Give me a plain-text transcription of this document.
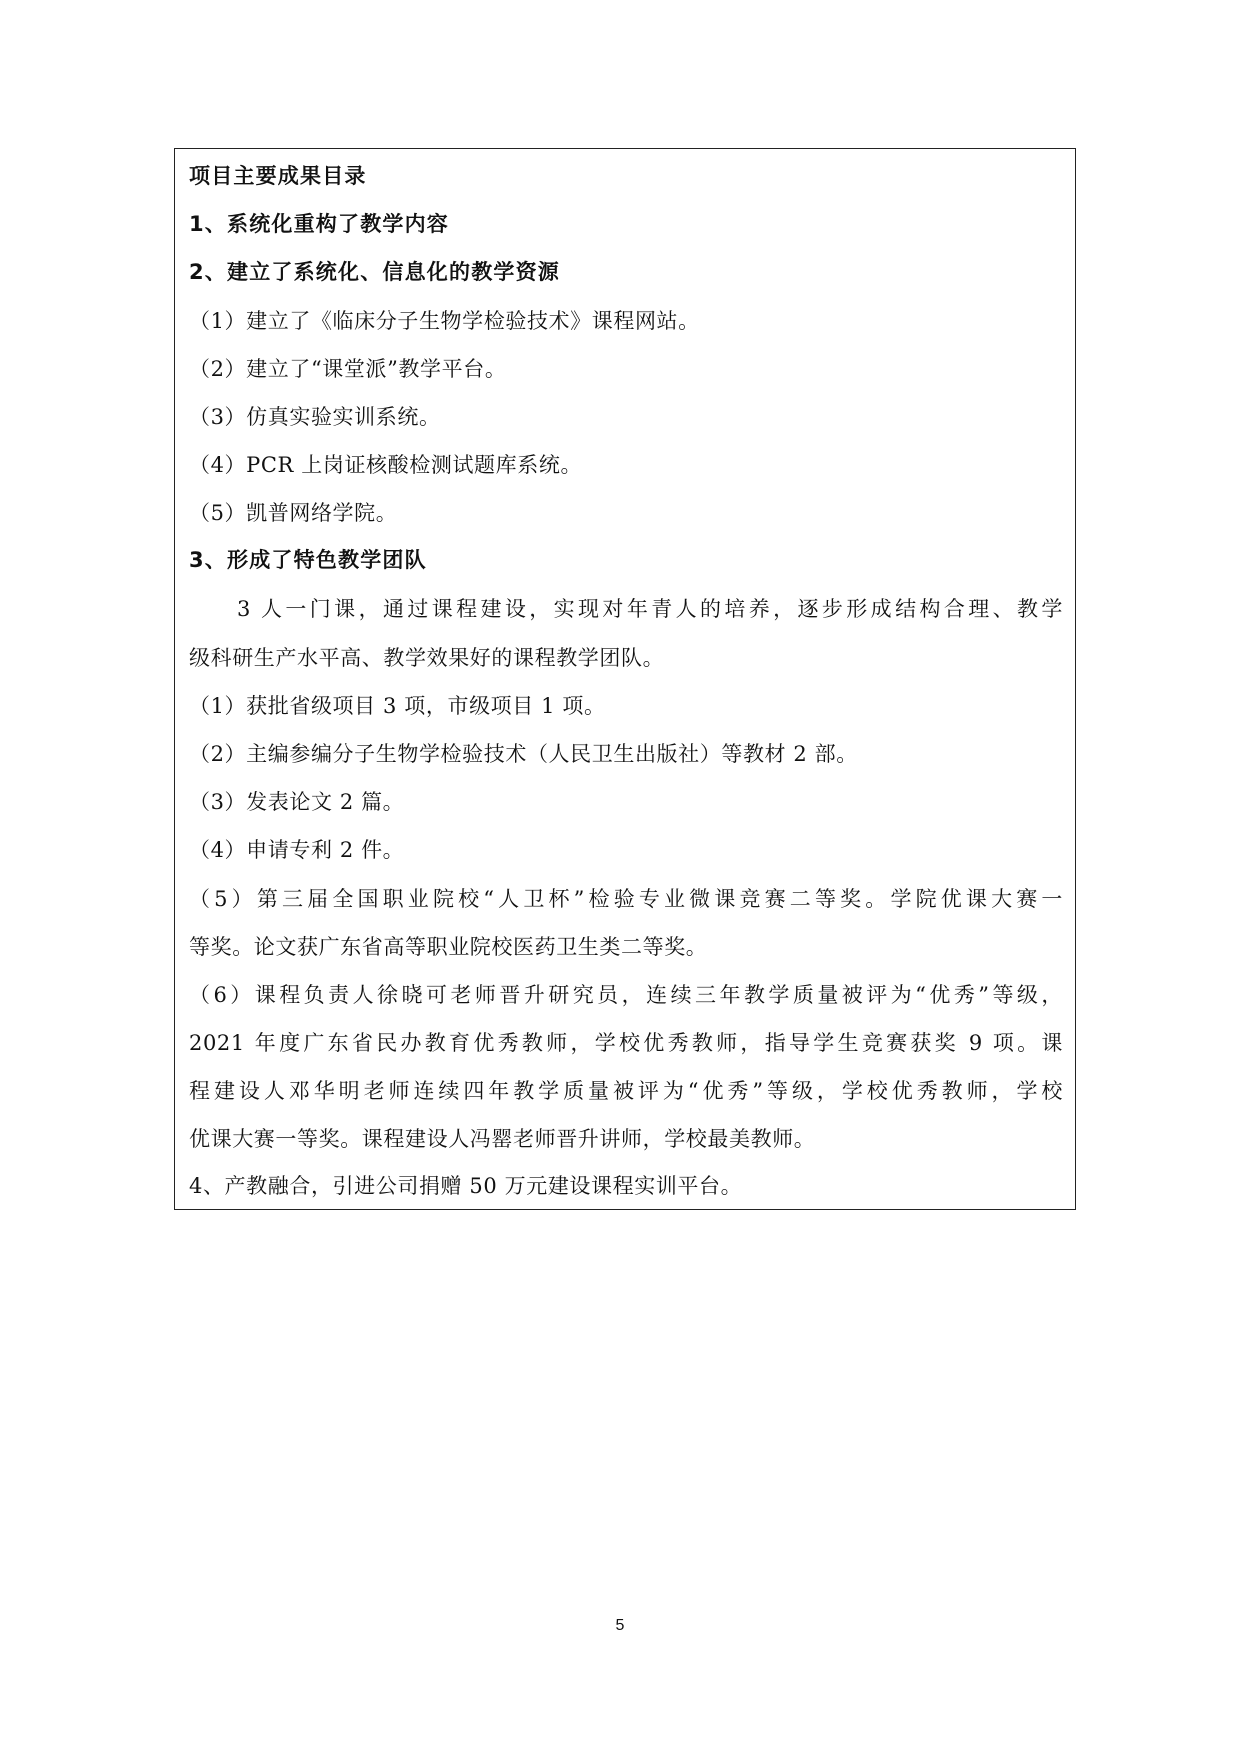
项目主要成果目录
1、系统化重构了教学内容
2、建立了系统化、信息化的教学资源
（1）建立了《临床分子生物学检验技术》课程网站。
（2）建立了“课堂派”教学平台。
（3）仿真实验实训系统。
（4）PCR 上岗证核酸检测试题库系统。
（5）凯普网络学院。
3、形成了特色教学团队
3 人一门课，通过课程建设，实现对年青人的培养，逐步形成结构合理、教学
级科研生产水平高、教学效果好的课程教学团队。
（1）获批省级项目 3 项，市级项目 1 项。
（2）主编参编分子生物学检验技术（人民卫生出版社）等教材 2 部。
（3）发表论文 2 篇。
（4）申请专利 2 件。
（5）第三届全国职业院校“人卫杯”检验专业微课竞赛二等奖。学院优课大赛一
等奖。论文获广东省高等职业院校医药卫生类二等奖。
（6）课程负责人徐晓可老师晋升研究员，连续三年教学质量被评为“优秀”等级，
2021 年度广东省民办教育优秀教师，学校优秀教师，指导学生竞赛获奖 9 项。课
程建设人邓华明老师连续四年教学质量被评为“优秀”等级，学校优秀教师，学校
优课大赛一等奖。课程建设人冯罂老师晋升讲师，学校最美教师。
4、产教融合，引进公司捐赠 50 万元建设课程实训平台。
5
